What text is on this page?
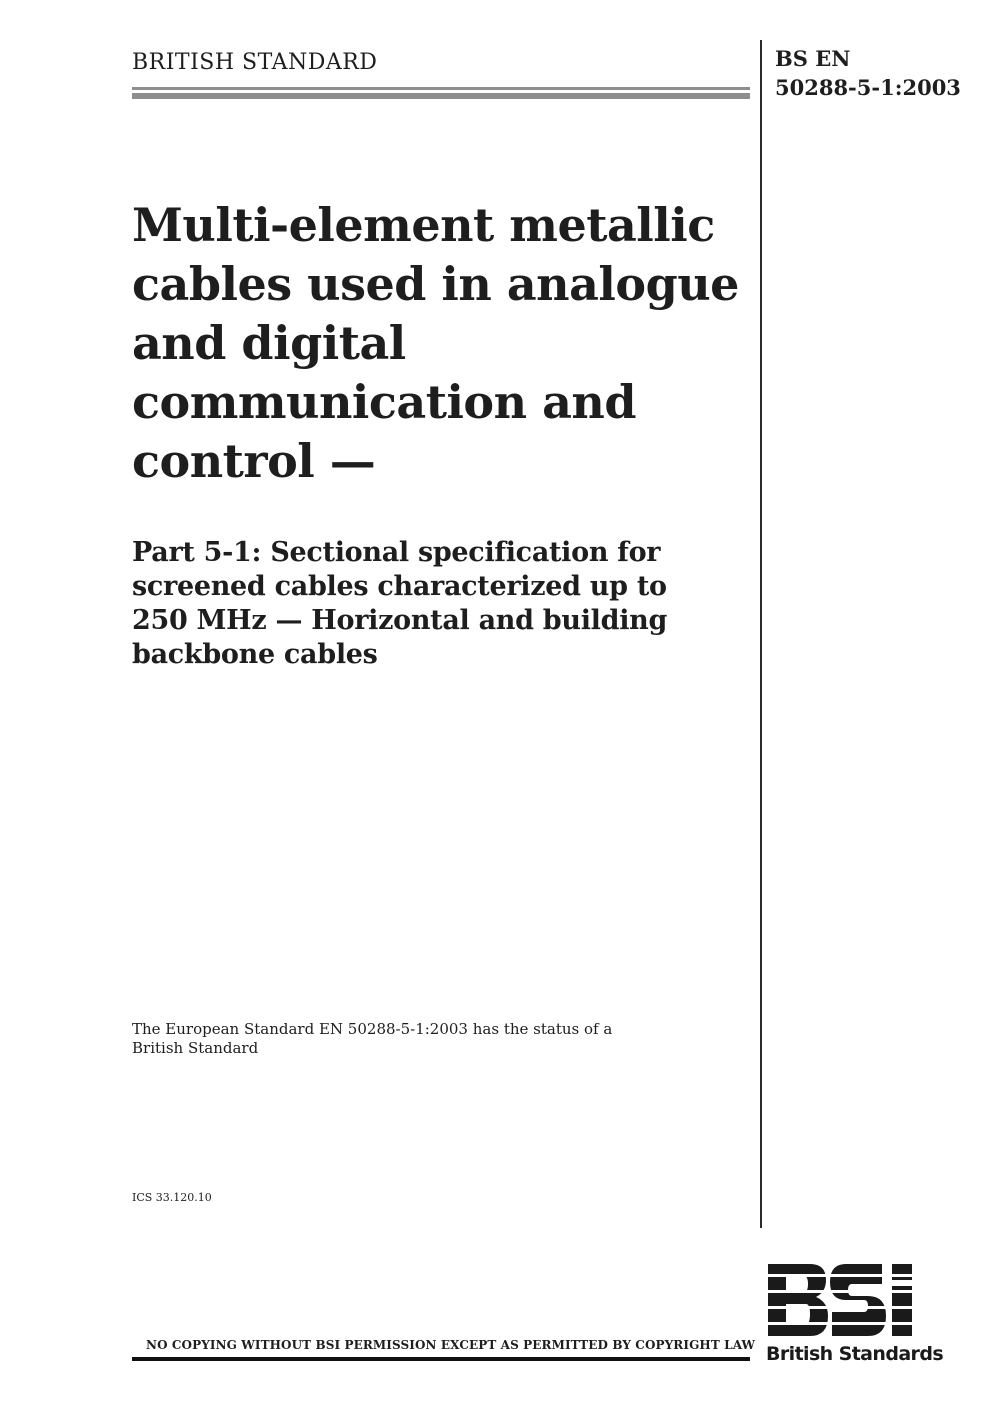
BRITISH STANDARD	BS EN
50288-5-1:2003
Multi-element metallic
cables used in analogue
and digital
communication and
control —
Part 5-1: Sectional specification for
screened cables characterized up to
250 MHz — Horizontal and building
backbone cables
The European Standard EN 50288-5-1:2003 has the status of a
British Standard
ICS 33.120.10
NO COPYING WITHOUT BSI PERMISSION EXCEPT AS PERMITTED BY COPYRIGHT LAW British Standards
